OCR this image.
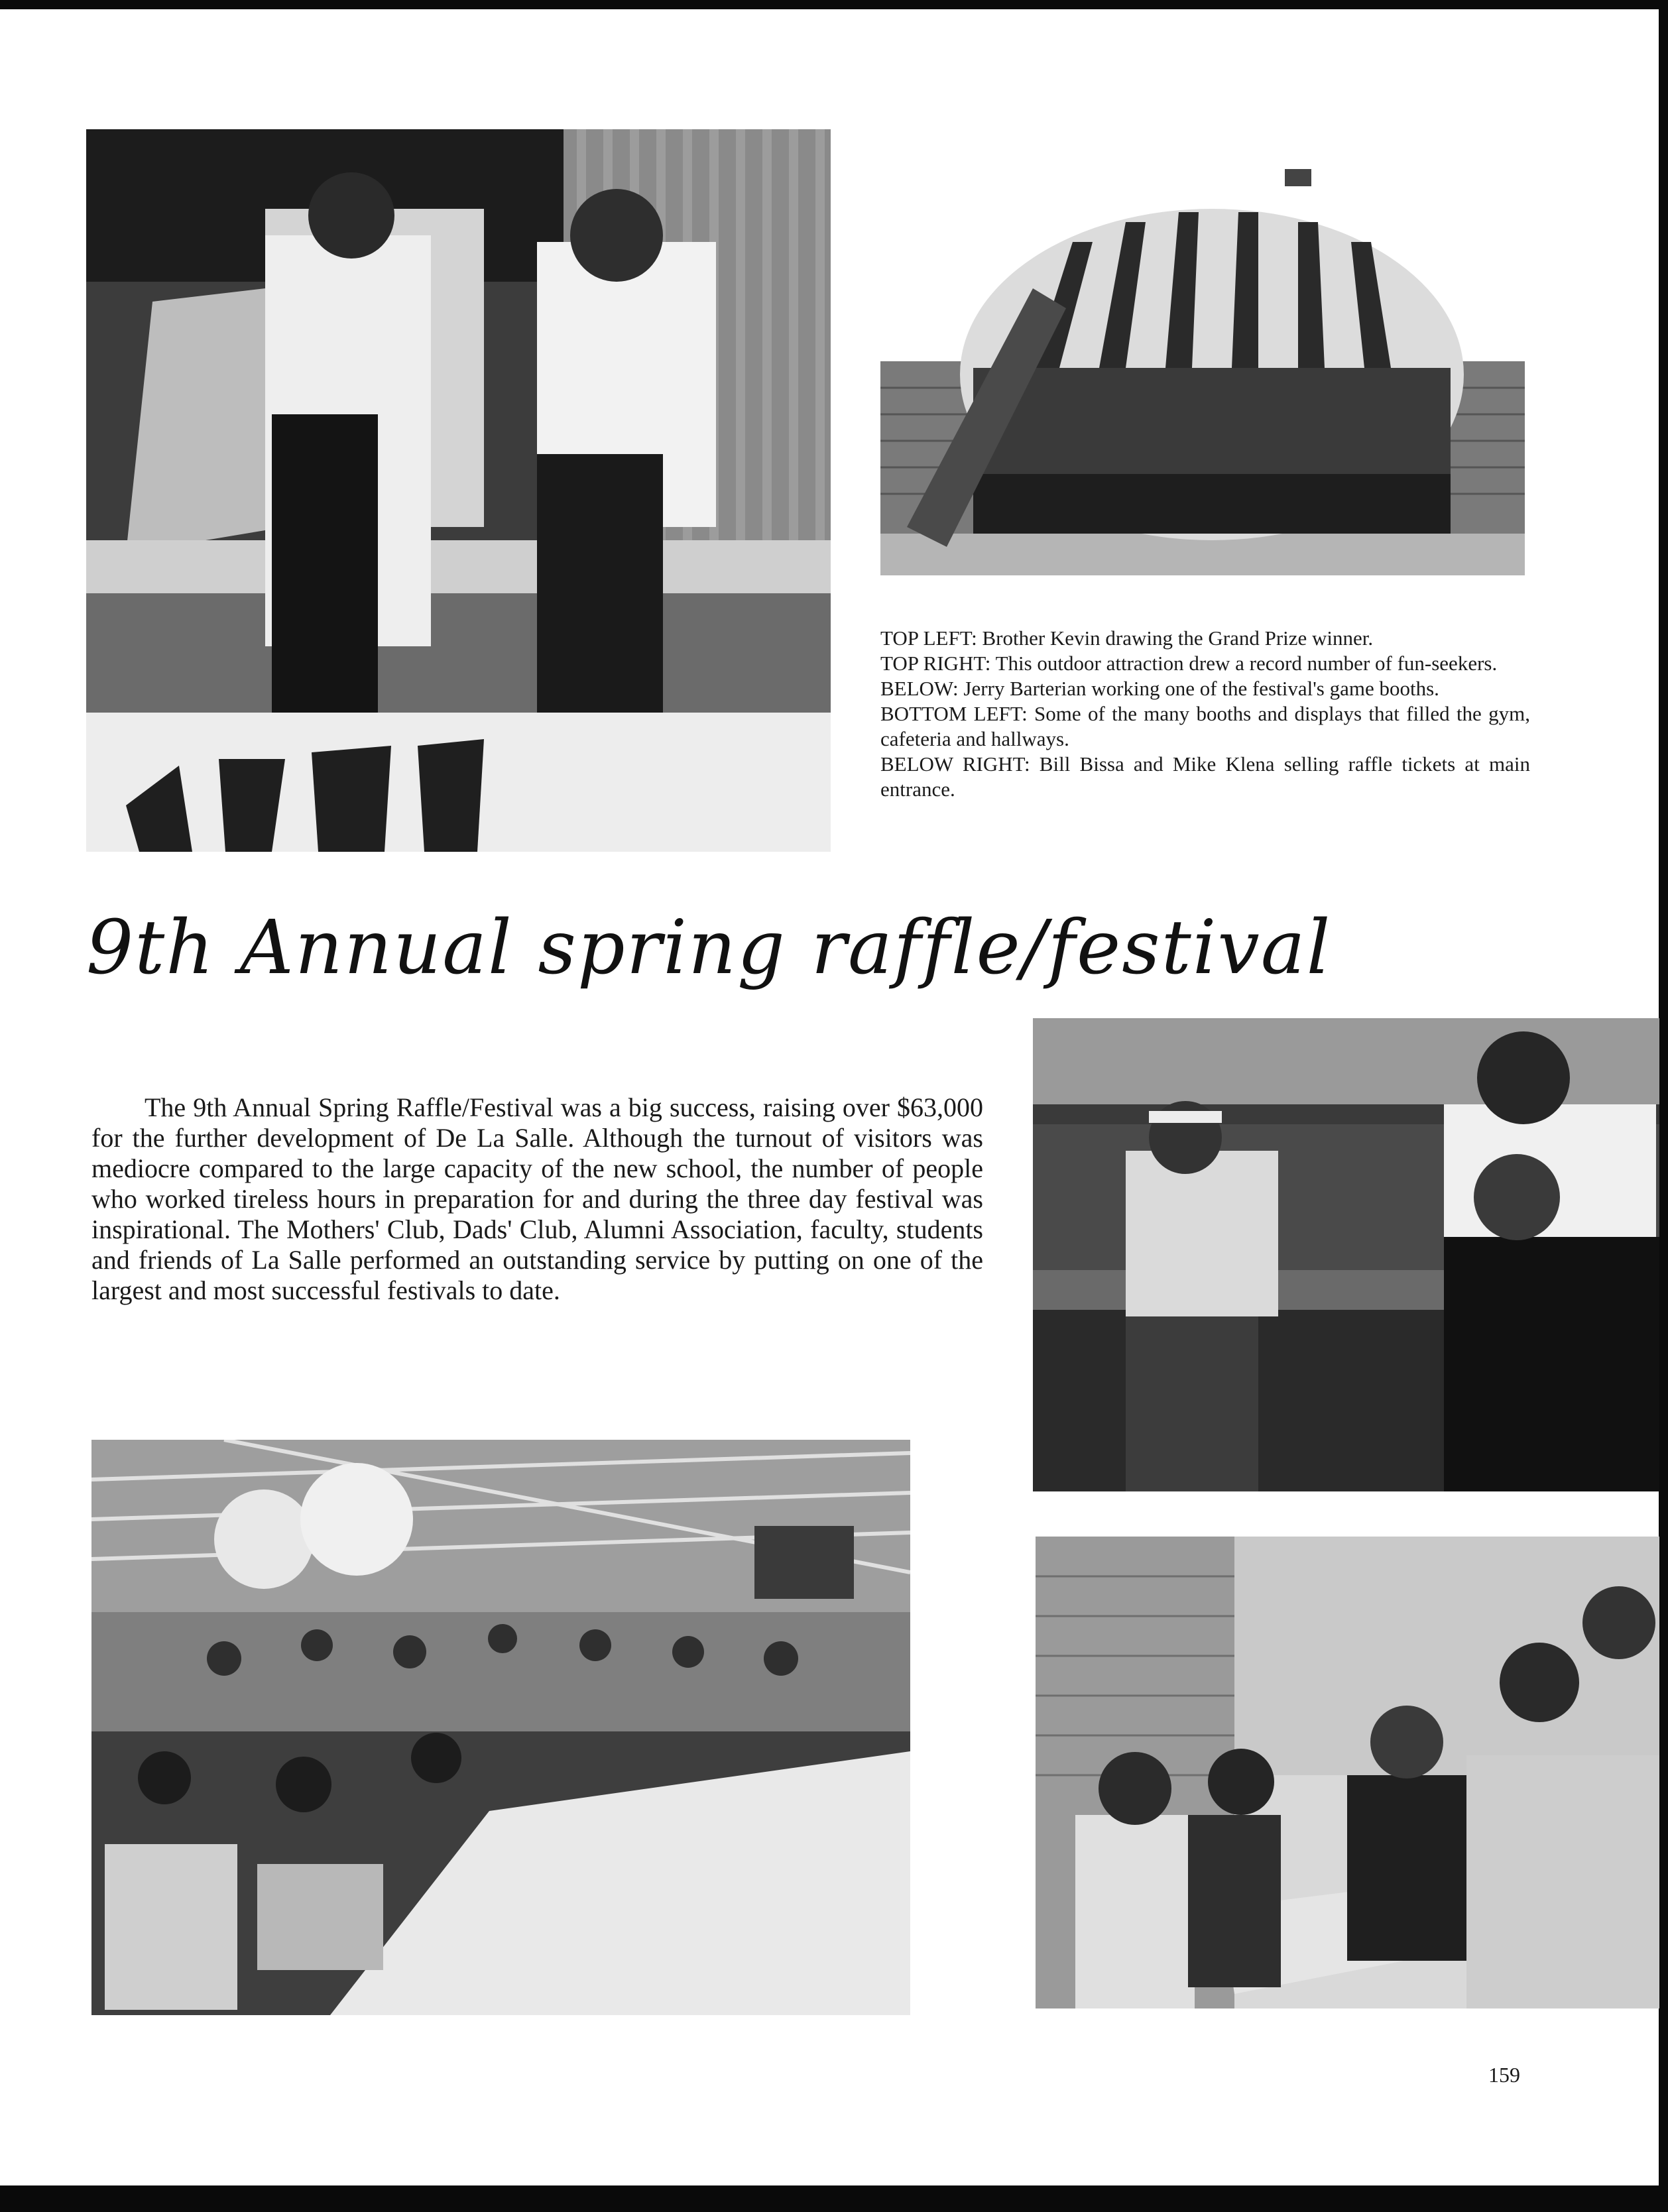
TOP LEFT: Brother Kevin drawing the Grand Prize winner.
TOP RIGHT: This outdoor attraction drew a record number of fun-seekers.
BELOW: Jerry Barterian working one of the festival's game booths.
BOTTOM LEFT: Some of the many booths and displays that filled the gym, cafeteria and hallways.
BELOW RIGHT: Bill Bissa and Mike Klena selling raffle tickets at main entrance.
9th Annual spring raffle/festival
The 9th Annual Spring Raffle/Festival was a big success, raising over $63,000 for the further development of De La Salle. Although the turnout of visitors was mediocre compared to the large capacity of the new school, the number of people who worked tireless hours in preparation for and during the three day festival was inspirational. The Mothers' Club, Dads' Club, Alumni Association, faculty, students and friends of La Salle performed an outstanding service by putting on one of the largest and most successful festivals to date.
159
